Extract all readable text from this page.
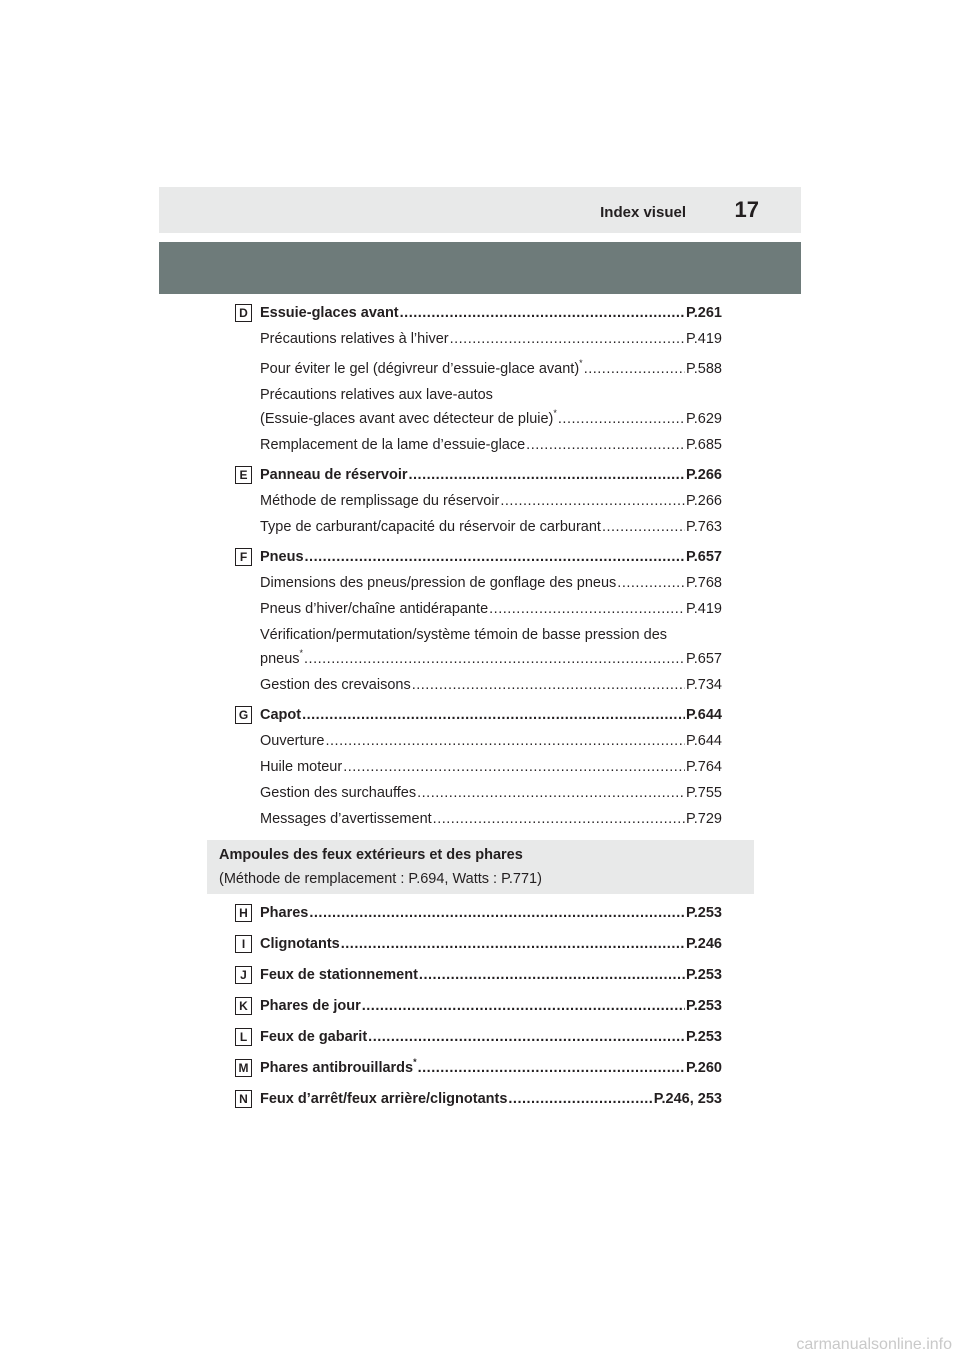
Index visuel 17
D Essuie-glaces avant .....	P.261
Précautions relatives à l’hiver .....	P.419
Pour éviter le gel (dégivreur d’essuie-glace avant)* .....	P.588
Précautions relatives aux lave-autos
(Essuie-glaces avant avec détecteur de pluie)* .....	P.629
Remplacement de la lame d’essuie-glace .....	P.685
E Panneau de réservoir .....	P.266
Méthode de remplissage du réservoir .....	P.266
Type de carburant/capacité du réservoir de carburant .....	P.763
F Pneus .....	P.657
Dimensions des pneus/pression de gonflage des pneus .....	P.768
Pneus d’hiver/chaîne antidérapante .....	P.419
Vérification/permutation/système témoin de basse pression des
pneus* .....	P.657
Gestion des crevaisons .....	P.734
G Capot .....	P.644
Ouverture .....	P.644
Huile moteur .....	P.764
Gestion des surchauffes .....	P.755
Messages d’avertissement .....	P.729
Ampoules des feux extérieurs et des phares
(Méthode de remplacement : P.694, Watts : P.771)
H Phares .....	P.253
I	Clignotants .....	P.246
J Feux de stationnement .....	P.253
K Phares de jour .....	P.253
L Feux de gabarit .....	P.253
M Phares antibrouillards* .....	P.260
N Feux d’arrêt/feux arrière/clignotants .....	P.246, 253
carmanualsonline.info
